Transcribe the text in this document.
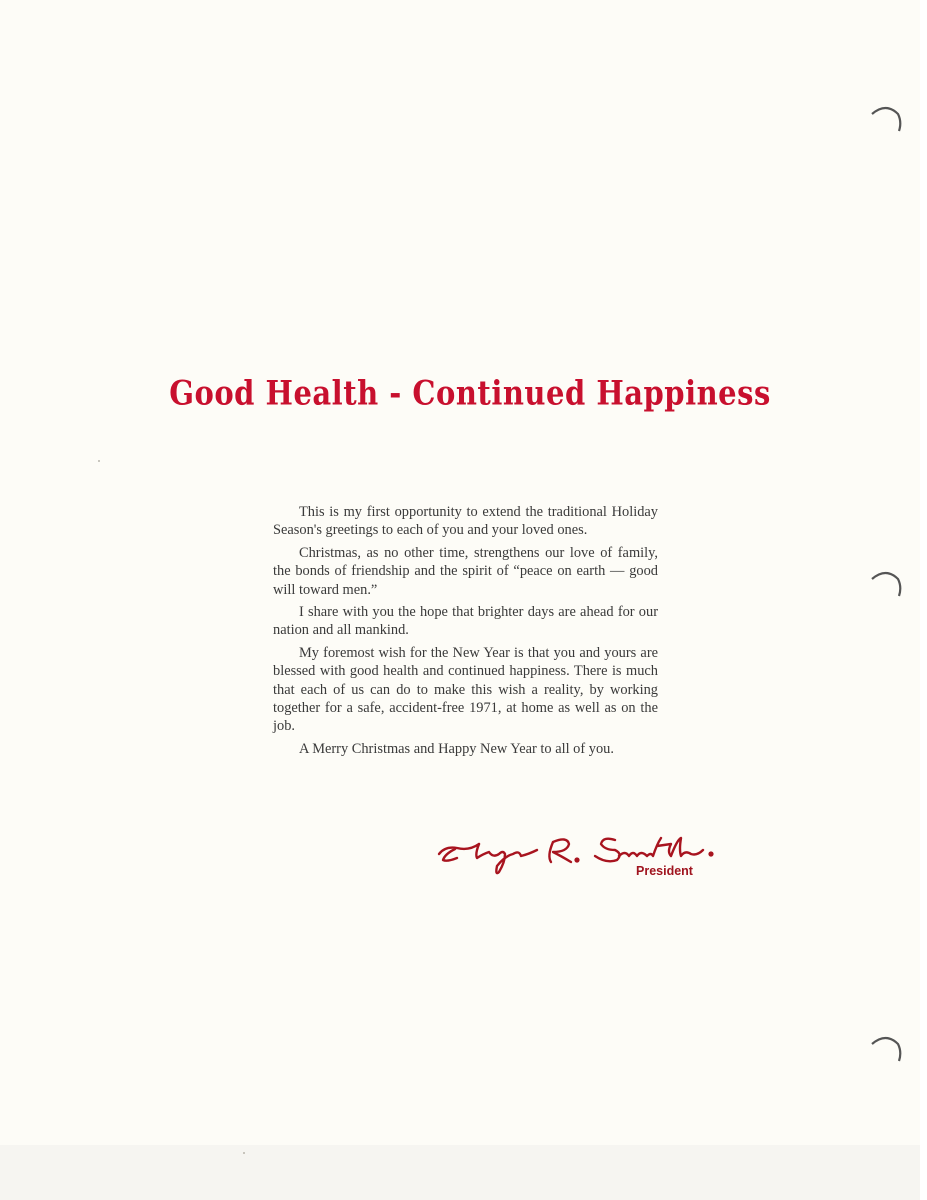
Good Health - Continued Happiness

This is my first opportunity to extend the traditional Holiday Season's greetings to each of you and your loved ones.

Christmas, as no other time, strengthens our love of family, the bonds of friendship and the spirit of “peace on earth — good will toward men.”

I share with you the hope that brighter days are ahead for our nation and all mankind.

My foremost wish for the New Year is that you and yours are blessed with good health and continued happiness. There is much that each of us can do to make this wish a reality, by working together for a safe, accident-free 1971, at home as well as on the job.

A Merry Christmas and Happy New Year to all of you.

President
